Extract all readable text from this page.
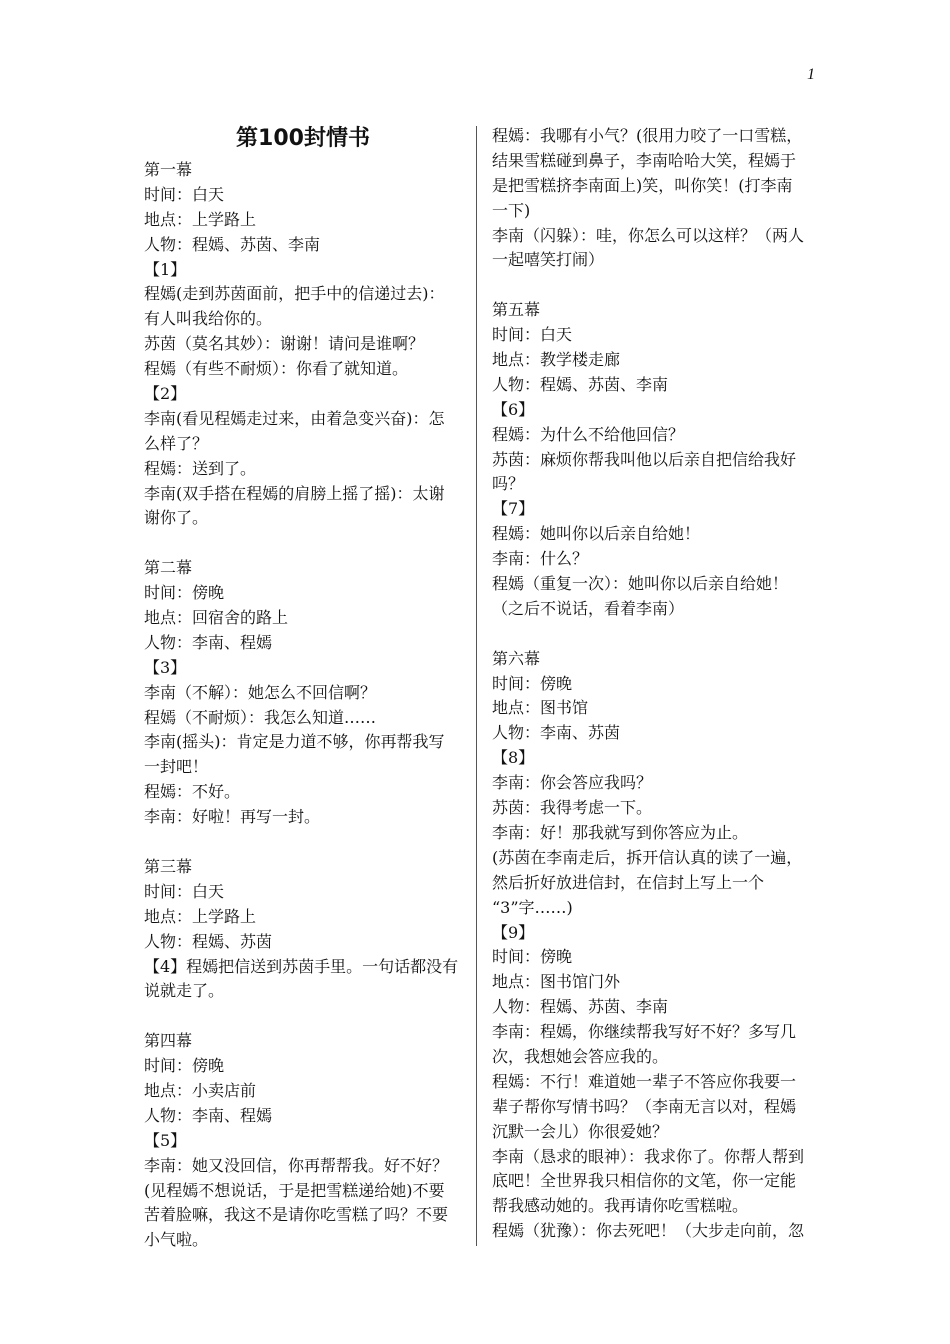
1
第100封情书
第一幕
时间：白天
地点：上学路上
人物：程嫣、苏茵、李南
【1】
程嫣(走到苏茵面前，把手中的信递过去)：
有人叫我给你的。
苏茵（莫名其妙）：谢谢！请问是谁啊？
程嫣（有些不耐烦）：你看了就知道。
【2】
李南(看见程嫣走过来，由着急变兴奋)：怎
么样了？
程嫣：送到了。
李南(双手搭在程嫣的肩膀上摇了摇)：太谢
谢你了。
第二幕
时间：傍晚
地点：回宿舍的路上
人物：李南、程嫣
【3】
李南（不解）：她怎么不回信啊？
程嫣（不耐烦）：我怎么知道……
李南(摇头)：肯定是力道不够，你再帮我写
一封吧！
程嫣：不好。
李南：好啦！再写一封。
第三幕
时间：白天
地点：上学路上
人物：程嫣、苏茵
【4】程嫣把信送到苏茵手里。一句话都没有
说就走了。
第四幕
时间：傍晚
地点：小卖店前
人物：李南、程嫣
【5】
李南：她又没回信，你再帮帮我。好不好？
(见程嫣不想说话，于是把雪糕递给她)不要
苦着脸嘛，我这不是请你吃雪糕了吗？不要
小气啦。
程嫣：我哪有小气？(很用力咬了一口雪糕，
结果雪糕碰到鼻子，李南哈哈大笑，程嫣于
是把雪糕挤李南面上)笑，叫你笑！(打李南
一下)
李南（闪躲）：哇，你怎么可以这样？（两人
一起嘻笑打闹）
第五幕
时间：白天
地点：教学楼走廊
人物：程嫣、苏茵、李南
【6】
程嫣：为什么不给他回信？
苏茵：麻烦你帮我叫他以后亲自把信给我好
吗？
【7】
程嫣：她叫你以后亲自给她！
李南：什么？
程嫣（重复一次）：她叫你以后亲自给她！
（之后不说话，看着李南）
第六幕
时间：傍晚
地点：图书馆
人物：李南、苏茵
【8】
李南：你会答应我吗？
苏茵：我得考虑一下。
李南：好！那我就写到你答应为止。
(苏茵在李南走后，拆开信认真的读了一遍，
然后折好放进信封，在信封上写上一个
“3”字……)
【9】
时间：傍晚
地点：图书馆门外
人物：程嫣、苏茵、李南
李南：程嫣，你继续帮我写好不好？多写几
次，我想她会答应我的。
程嫣：不行！难道她一辈子不答应你我要一
辈子帮你写情书吗？（李南无言以对，程嫣
沉默一会儿）你很爱她？
李南（恳求的眼神）：我求你了。你帮人帮到
底吧！全世界我只相信你的文笔，你一定能
帮我感动她的。我再请你吃雪糕啦。
程嫣（犹豫）：你去死吧！（大步走向前，忽
